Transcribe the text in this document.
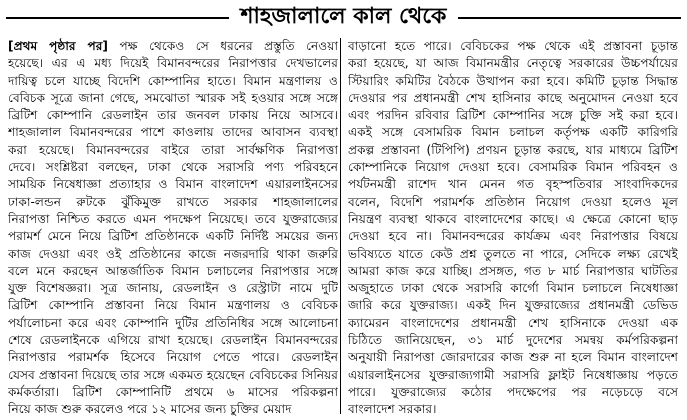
শাহজালালে কাল থেকে
[প্রথম পৃষ্ঠার পর] পক্ষ থেকেও সে ধরনের প্রস্তুতি নেওয়া
হয়েছে। এর এ মধ্য দিয়েই বিমানবন্দরের নিরাপত্তার দেখভালের
দায়িত্ব চলে যাচ্ছে বিদেশি কোম্পানির হাতে। বিমান মন্ত্রণালয় ও
বেবিচক সূত্রে জানা গেছে, সমঝোতা স্মারক সই হওয়ার সঙ্গে সঙ্গে
ব্রিটিশ কোম্পানি রেডলাইন তার জনবল ঢাকায় নিয়ে আসবে।
শাহজালাল বিমানবন্দরের পাশে কাওলায় তাদের আবাসন ব্যবস্থা
করা হয়েছে। বিমানবন্দরের বাইরে তারা সার্বক্ষণিক নিরাপত্তা
দেবে। সংশ্লিষ্টরা বলছেন, ঢাকা থেকে সরাসরি পণ্য পরিবহনে
সাময়িক নিষেধাজ্ঞা প্রত্যাহার ও বিমান বাংলাদেশ এয়ারলাইনসের
ঢাকা-লন্ডন রুটকে ঝুঁকিমুক্ত রাখতে সরকার শাহজালালের
নিরাপত্তা নিশ্চিত করতে এমন পদক্ষেপ নিয়েছে। তবে যুক্তরাজ্যের
পরামর্শ মেনে নিয়ে ব্রিটিশ প্রতিষ্ঠানকে একটি নির্দিষ্ট সময়ের জন্য
কাজ দেওয়া এবং ওই প্রতিষ্ঠানের কাজে নজরদারি থাকা জরুরি
বলে মনে করছেন আন্তর্জাতিক বিমান চলাচলের নিরাপত্তার সঙ্গে
যুক্ত বিশেষজ্ঞরা। সূত্র জানায়, রেডলাইন ও রেস্ট্রাটা নামে দুটি
ব্রিটিশ কোম্পানি প্রস্তাবনা নিয়ে বিমান মন্ত্রণালয় ও বেবিচক
পর্যালোচনা করে এবং কোম্পানি দুটির প্রতিনিধির সঙ্গে আলোচনা
শেষে রেডলাইনকে এগিয়ে রাখা হয়েছে। রেডলাইন বিমানবন্দরের
নিরাপত্তার পরামর্শক হিসেবে নিয়োগ পেতে পারে। রেডলাইন
যেসব প্রস্তাবনা দিয়েছে তার সঙ্গে একমত হয়েছেন বেবিচকের সিনিয়র
কর্মকর্তারা। ব্রিটিশ কোম্পানিটি প্রথমে ৬ মাসের পরিকল্পনা
নিয়ে কাজ শুরু করলেও পরে ১২ মাসের জন্য চুক্তির মেয়াদ
বাড়ানো হতে পারে। বেবিচকের পক্ষ থেকে এই প্রস্তাবনা চূড়ান্ত
করা হয়েছে, যা আজ বিমানমন্ত্রীর নেতৃত্বে সরকারের উচ্চপর্যায়ের
স্টিয়ারিং কমিটির বৈঠকে উত্থাপন করা হবে। কমিটি চূড়ান্ত সিদ্ধান্ত
দেওয়ার পর প্রধানমন্ত্রী শেখ হাসিনার কাছে অনুমোদন নেওয়া হবে
এবং পরদিন রবিবার ব্রিটিশ কোম্পানির সঙ্গে চুক্তি সই করা হবে।
একই সঙ্গে বেসামরিক বিমান চলাচল কর্তৃপক্ষ একটি কারিগরি
প্রকল্প প্রস্তাবনা (টিপিপি) প্রণয়ন চূড়ান্ত করছে, যার মাধ্যমে ব্রিটিশ
কোম্পানিকে নিয়োগ দেওয়া হবে। বেসামরিক বিমান পরিবহন ও
পর্যটনমন্ত্রী রাশেদ খান মেনন গত বৃহস্পতিবার সাংবাদিকদের
বলেন, বিদেশি পরামর্শক প্রতিষ্ঠান নিয়োগ দেওয়া হলেও মূল
নিয়ন্ত্রণ ব্যবস্থা থাকবে বাংলাদেশের কাছে। এ ক্ষেত্রে কোনো ছাড়
দেওয়া হবে না। বিমানবন্দরের কার্যক্রম এবং নিরাপত্তার বিষয়ে
ভবিষ্যতে যাতে কেউ প্রশ্ন তুলতে না পারে, সেদিকে লক্ষ্য রেখেই
আমরা কাজ করে যাচ্ছি। প্রসঙ্গত, গত ৮ মার্চ নিরাপত্তার ঘাটতির
অজুহাতে ঢাকা থেকে সরাসরি কার্গো বিমান চলাচলে নিষেধাজ্ঞা
জারি করে যুক্তরাজ্য। একই দিন যুক্তরাজ্যের প্রধানমন্ত্রী ডেভিড
ক্যামেরন বাংলাদেশের প্রধানমন্ত্রী শেখ হাসিনাকে দেওয়া এক
চিঠিতে জানিয়েছেন, ৩১ মার্চ দুদেশের সমন্বয় কর্মপরিকল্পনা
অনুযায়ী নিরাপত্তা জোরদারের কাজ শুরু না হলে বিমান বাংলাদেশ
এয়ারলাইনসের যুক্তরাজ্যগামী সরাসরি ফ্লাইট নিষেধাজ্ঞায় পড়তে
পারে। যুক্তরাজ্যের কঠোর পদক্ষেপের পর নড়েচড়ে বসে
বাংলাদেশ সরকার।
